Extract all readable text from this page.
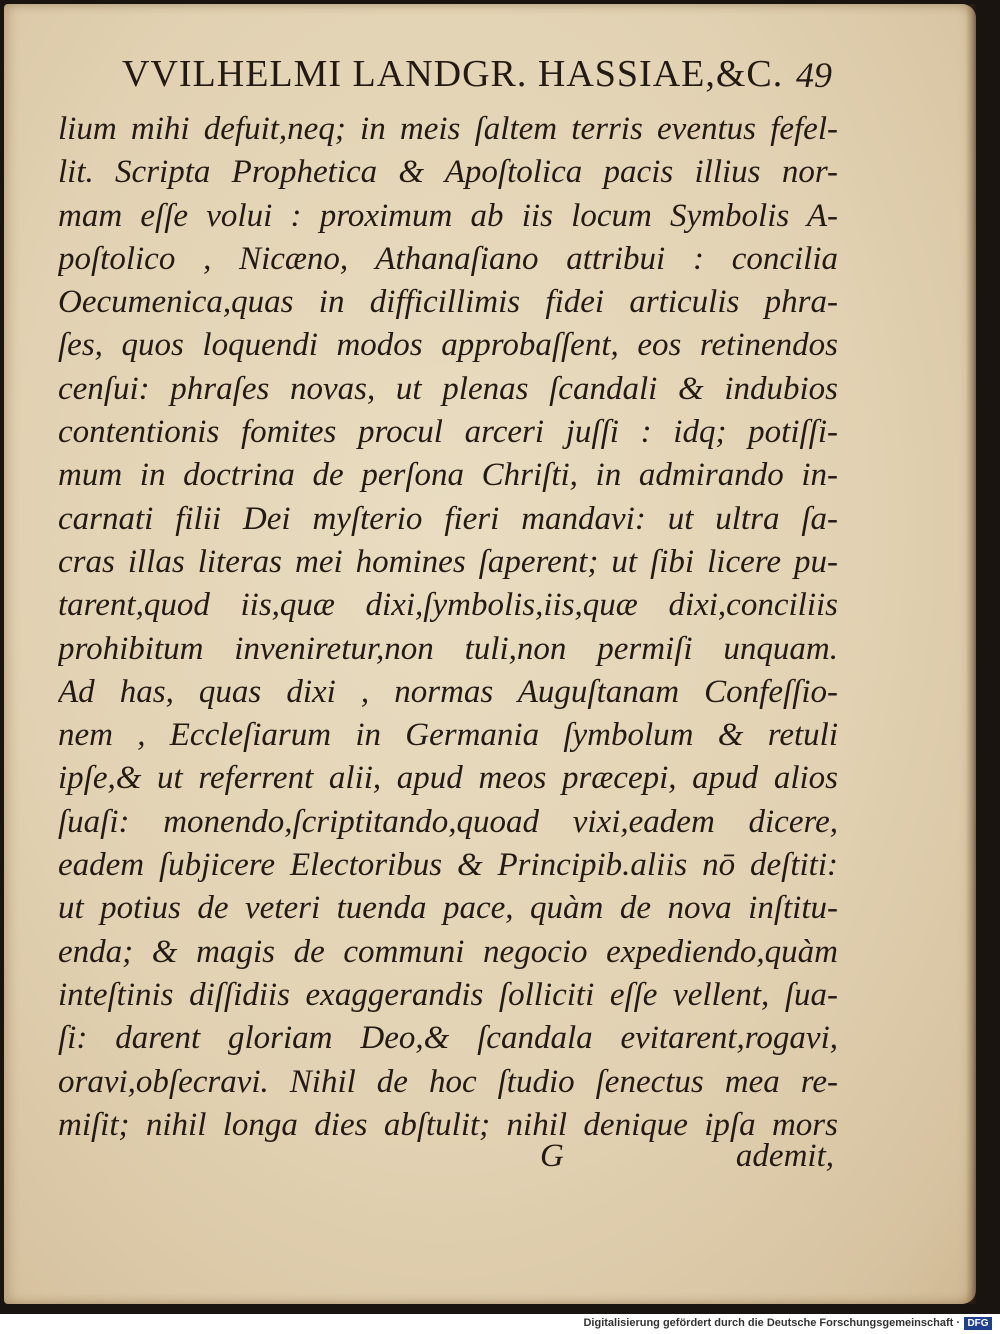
VVILHELMI LANDGR. HASSIAE,&C. 49
lium mihi defuit,neq; in meis ſaltem terris eventus fefel-
lit. Scripta Prophetica & Apoſtolica pacis illius nor-
mam eſſe volui : proximum ab iis locum Symbolis A-
poſtolico , Nicæno, Athanaſiano attribui : concilia
Oecumenica,quas in difficillimis fidei articulis phra-
ſes, quos loquendi modos approbaſſent, eos retinendos
cenſui: phraſes novas, ut plenas ſcandali & indubios
contentionis fomites procul arceri juſſi : idq; potiſſi-
mum in doctrina de perſona Chriſti, in admirando in-
carnati filii Dei myſterio fieri mandavi: ut ultra ſa-
cras illas literas mei homines ſaperent; ut ſibi licere pu-
tarent,quod iis,quæ dixi,ſymbolis,iis,quæ dixi,conciliis
prohibitum inveniretur,non tuli,non permiſi unquam.
Ad has, quas dixi , normas Auguſtanam Confeſſio-
nem , Eccleſiarum in Germania ſymbolum & retuli
ipſe,& ut referrent alii, apud meos præcepi, apud alios
ſuaſi: monendo,ſcriptitando,quoad vixi,eadem dicere,
eadem ſubjicere Electoribus & Principib.aliis nō deſtiti:
ut potius de veteri tuenda pace, quàm de nova inſtitu-
enda; & magis de communi negocio expediendo,quàm
inteſtinis diſſidiis exaggerandis ſolliciti eſſe vellent, ſua-
ſi: darent gloriam Deo,& ſcandala evitarent,rogavi,
oravi,obſecravi. Nihil de hoc ſtudio ſenectus mea re-
miſit; nihil longa dies abſtulit; nihil denique ipſa mors
G	ademit,
Digitalisierung gefördert durch die Deutsche Forschungsgemeinschaft · DFG
